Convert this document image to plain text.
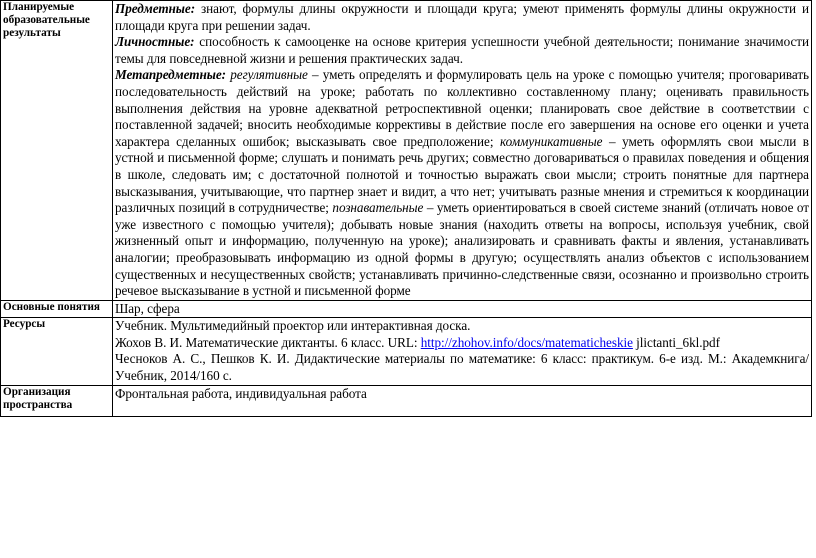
Планируемые образовательные результаты	Предметные: знают, формулы длины окружности и площади круга; умеют применять формулы длины окружности и площади круга при решении задач.

Личностные: способность к самооценке на основе критерия успешности учебной деятельности; понимание значимости темы для повседневной жизни и решения практических задач.

Метапредметные: регулятивные – уметь определять и формулировать цель на уроке с помощью учителя; проговаривать последовательность действий на уроке; работать по коллективно составленному плану; оценивать правильность выполнения действия на уровне адекватной ретроспективной оценки; планировать свое действие в соответствии с поставленной задачей; вносить необходимые коррективы в действие после его завершения на основе его оценки и учета характера сделанных ошибок; высказывать свое предположение; коммуникативные – уметь оформлять свои мысли в устной и письменной форме; слушать и понимать речь других; совместно договариваться о правилах поведения и общения в школе, следовать им; с достаточной полнотой и точностью выражать свои мысли; строить понятные для партнера высказывания, учитывающие, что партнер знает и видит, а что нет; учитывать разные мнения и стремиться к координации различных позиций в сотрудничестве; познавательные – уметь ориентироваться в своей системе знаний (отличать новое от уже известного с помощью учителя); добывать новые знания (находить ответы на вопросы, используя учебник, свой жизненный опыт и информацию, полученную на уроке); анализировать и сравнивать факты и явления, устанавливать аналогии; преобразовывать информацию из одной формы в другую; осуществлять анализ объектов с использованием существенных и несущественных свойств; устанавливать причинно-следственные связи, осознанно и произвольно строить речевое высказывание в устной и письменной форме

Основные понятия	Шар, сфера
Ресурсы	Учебник. Мультимедийный проектор или интерактивная доска.

Жохов В. И. Математические диктанты. 6 класс. URL: http://zhohov.info/docs/matematicheskie jlictanti_6kl.pdf

Чесноков А. С., Пешков К. И. Дидактические материалы по математике: 6 класс: практикум. 6-е изд. М.: Академкнига/Учебник, 2014/160 с.

Организация пространства	Фронтальная работа, индивидуальная работа
